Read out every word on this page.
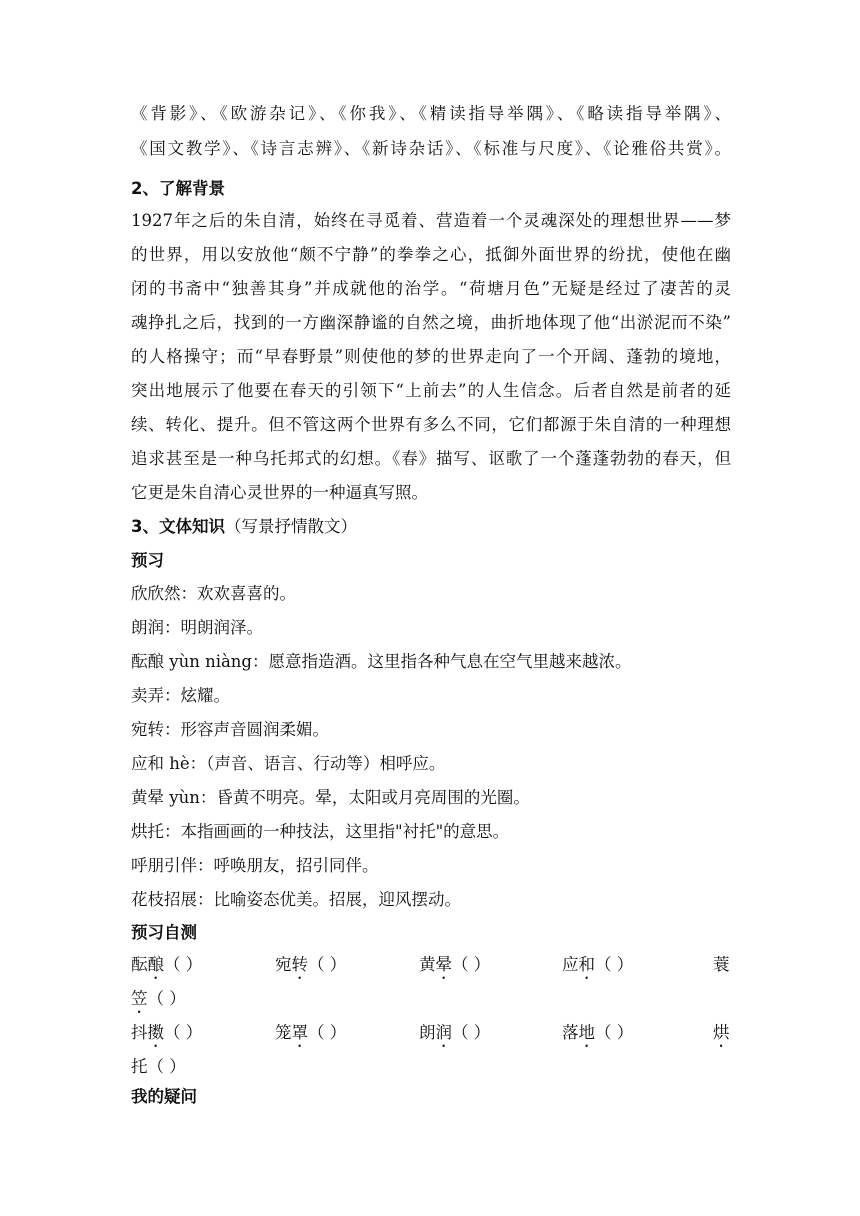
《背影》、《欧游杂记》、《你我》、《精读指导举隅》、《略读指导举隅》、
《国文教学》、《诗言志辨》、《新诗杂话》、《标准与尺度》、《论雅俗共赏》。
2、了解背景
1927年之后的朱自清，始终在寻觅着、营造着一个灵魂深处的理想世界——梦
的世界，用以安放他“颇不宁静”的拳拳之心，抵御外面世界的纷扰，使他在幽
闭的书斋中“独善其身”并成就他的治学。“荷塘月色”无疑是经过了凄苦的灵
魂挣扎之后，找到的一方幽深静谧的自然之境，曲折地体现了他“出淤泥而不染”
的人格操守；而“早春野景”则使他的梦的世界走向了一个开阔、蓬勃的境地，
突出地展示了他要在春天的引领下“上前去”的人生信念。后者自然是前者的延
续、转化、提升。但不管这两个世界有多么不同，它们都源于朱自清的一种理想
追求甚至是一种乌托邦式的幻想。《春》描写、讴歌了一个蓬蓬勃勃的春天，但
它更是朱自清心灵世界的一种逼真写照。
3、文体知识（写景抒情散文）
预习
欣欣然：欢欢喜喜的。
朗润：明朗润泽。
酝酿 yùn niàng：愿意指造酒。这里指各种气息在空气里越来越浓。
卖弄：炫耀。
宛转：形容声音圆润柔媚。
应和 hè：（声音、语言、行动等）相呼应。
黄晕 yùn：昏黄不明亮。晕，太阳或月亮周围的光圈。
烘托：本指画画的一种技法，这里指"衬托"的意思。
呼朋引伴：呼唤朋友，招引同伴。
花枝招展：比喻姿态优美。招展，迎风摆动。
预习自测
酝酿（ ）	宛转（ ）	黄晕（ ）	应和（ ）	蓑
笠（ ）
抖擞（ ）	笼罩（ ）	朗润（ ）	落地（ ）	烘
托（ ）
我的疑问
